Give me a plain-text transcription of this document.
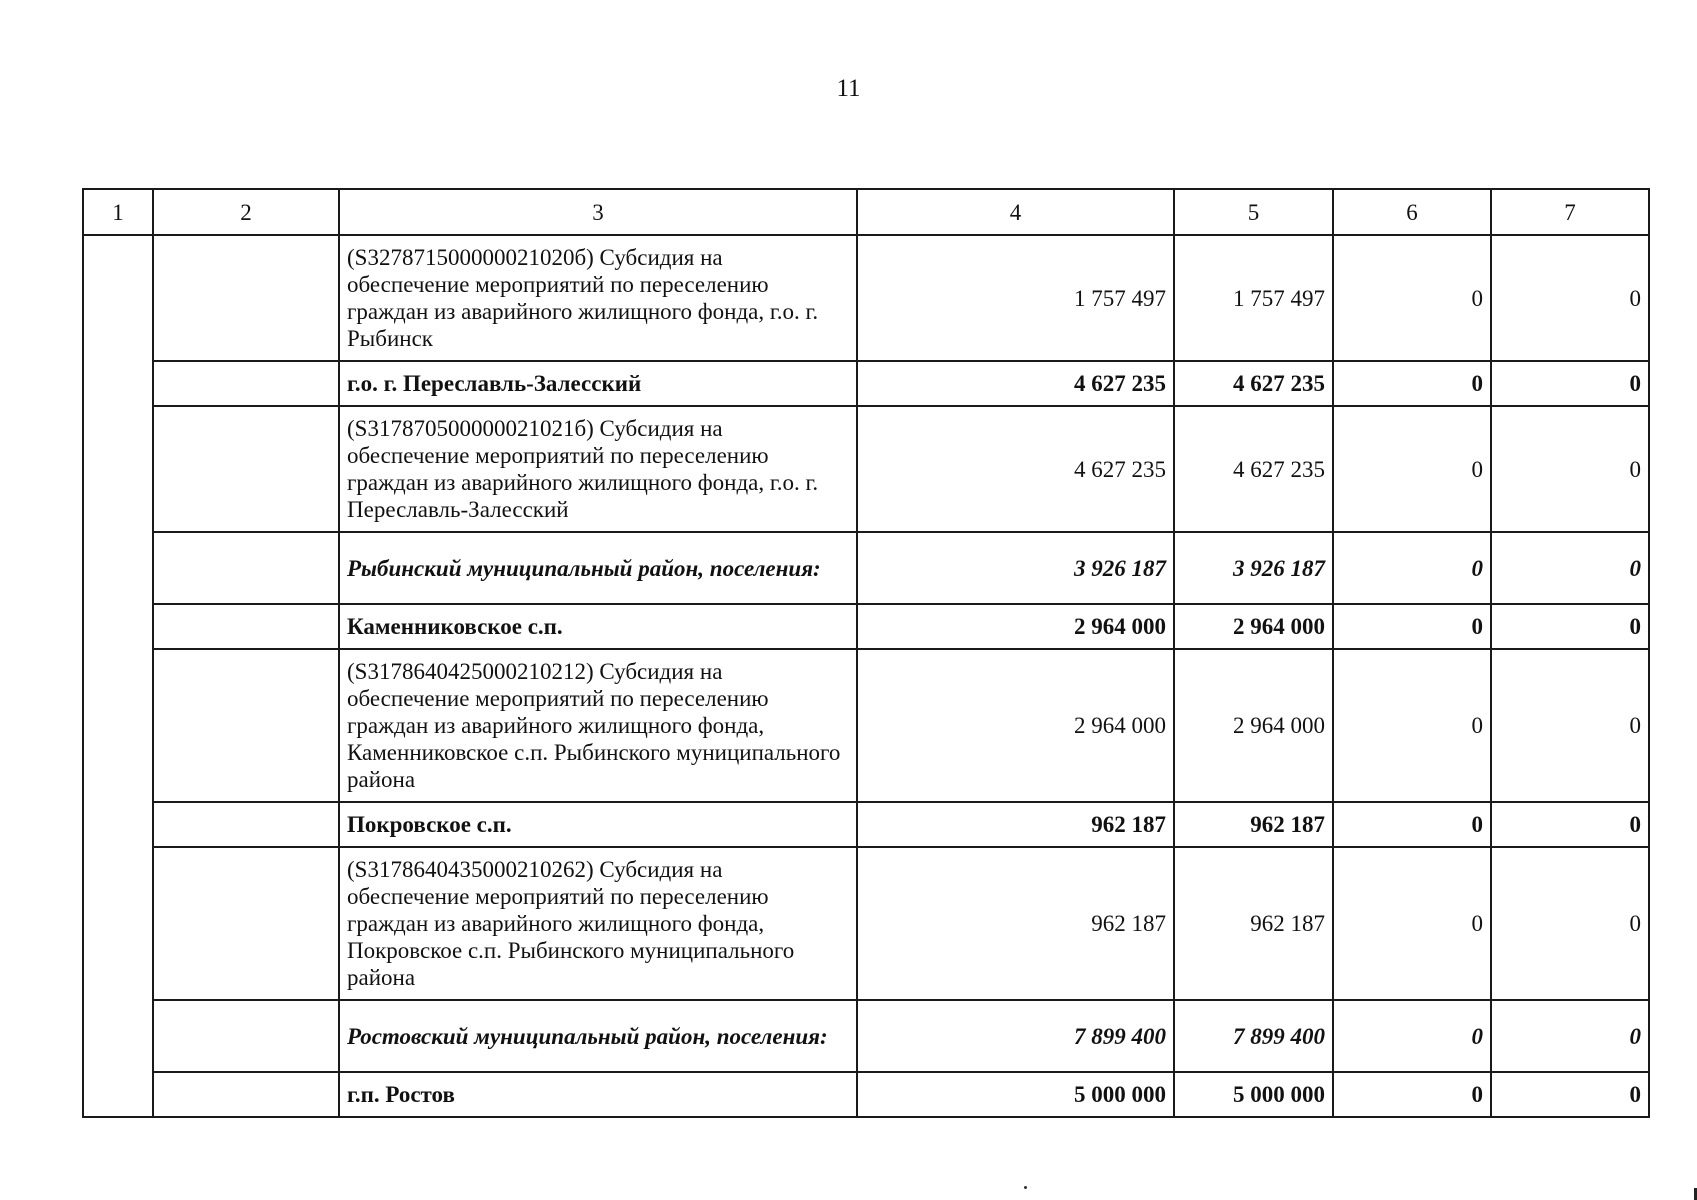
11
1	2	3	4	5	6	7
		(S327871500000021020б) Субсидия на обеспечение мероприятий по переселению граждан из аварийного жилищного фонда, г.о. г. Рыбинск	1 757 497	1 757 497	0	0
		г.о. г. Переславль-Залесский	4 627 235	4 627 235	0	0
		(S317870500000021021б) Субсидия на обеспечение мероприятий по переселению граждан из аварийного жилищного фонда, г.о. г. Переславль-Залесский	4 627 235	4 627 235	0	0
		Рыбинский муниципальный район, поселения:	3 926 187	3 926 187	0	0
		Каменниковское с.п.	2 964 000	2 964 000	0	0
		(S3178640425000210212) Субсидия на обеспечение мероприятий по переселению граждан из аварийного жилищного фонда, Каменниковское с.п. Рыбинского муниципального района	2 964 000	2 964 000	0	0
		Покровское с.п.	962 187	962 187	0	0
		(S3178640435000210262) Субсидия на обеспечение мероприятий по переселению граждан из аварийного жилищного фонда, Покровское с.п. Рыбинского муниципального района	962 187	962 187	0	0
		Ростовский муниципальный район, поселения:	7 899 400	7 899 400	0	0
		г.п. Ростов	5 000 000	5 000 000	0	0
